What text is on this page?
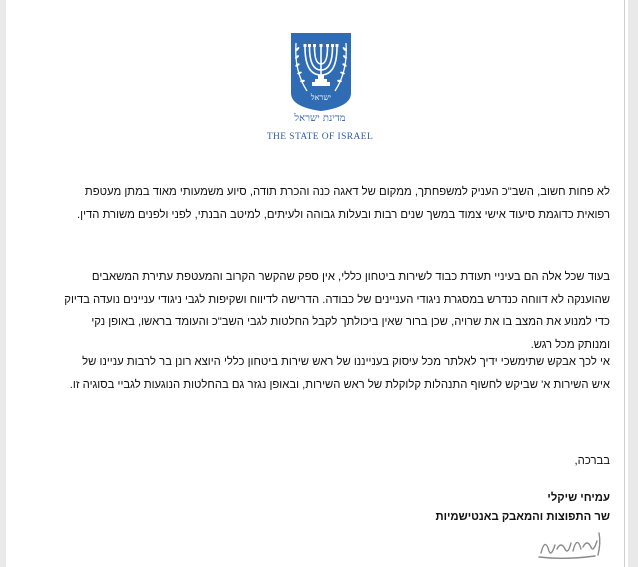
ישראל
מדינת ישראל
THE STATE OF ISRAEL
לא פחות חשוב, השב"כ העניק למשפחתך, ממקום של דאגה כנה והכרת תודה, סיוע משמעותי מאוד במתן מעטפת רפואית כדוגמת סיעוד אישי צמוד במשך שנים רבות ובעלות גבוהה ולעיתים, למיטב הבנתי, לפני ולפנים משורת הדין.
בעוד שכל אלה הם בעיניי תעודת כבוד לשירות ביטחון כללי, אין ספק שהקשר הקרוב והמעטפת עתירת המשאבים שהוענקה לא דווחה כנדרש במסגרת ניגודי העניינים של כבודה. הדרישה לדיווח ושקיפות לגבי ניגודי עניינים נועדה בדיוק כדי למנוע את המצב בו את שרויה, שכן ברור שאין ביכולתך לקבל החלטות לגבי השב"כ והעומד בראשו, באופן נקי ומנותק מכל רגש.
אי לכך אבקש שתימשכי ידיך לאלתר מכל עיסוק בענייננו של ראש שירות ביטחון כללי היוצא רונן בר לרבות עניינו של איש השירות א' שביקש לחשוף התנהלות קלוקלת של ראש השירות, ובאופן נגזר גם בהחלטות הנוגעות לגביי בסוגיה זו.
בברכה,
עמיחי שיקלי
שר התפוצות והמאבק באנטישמיות
